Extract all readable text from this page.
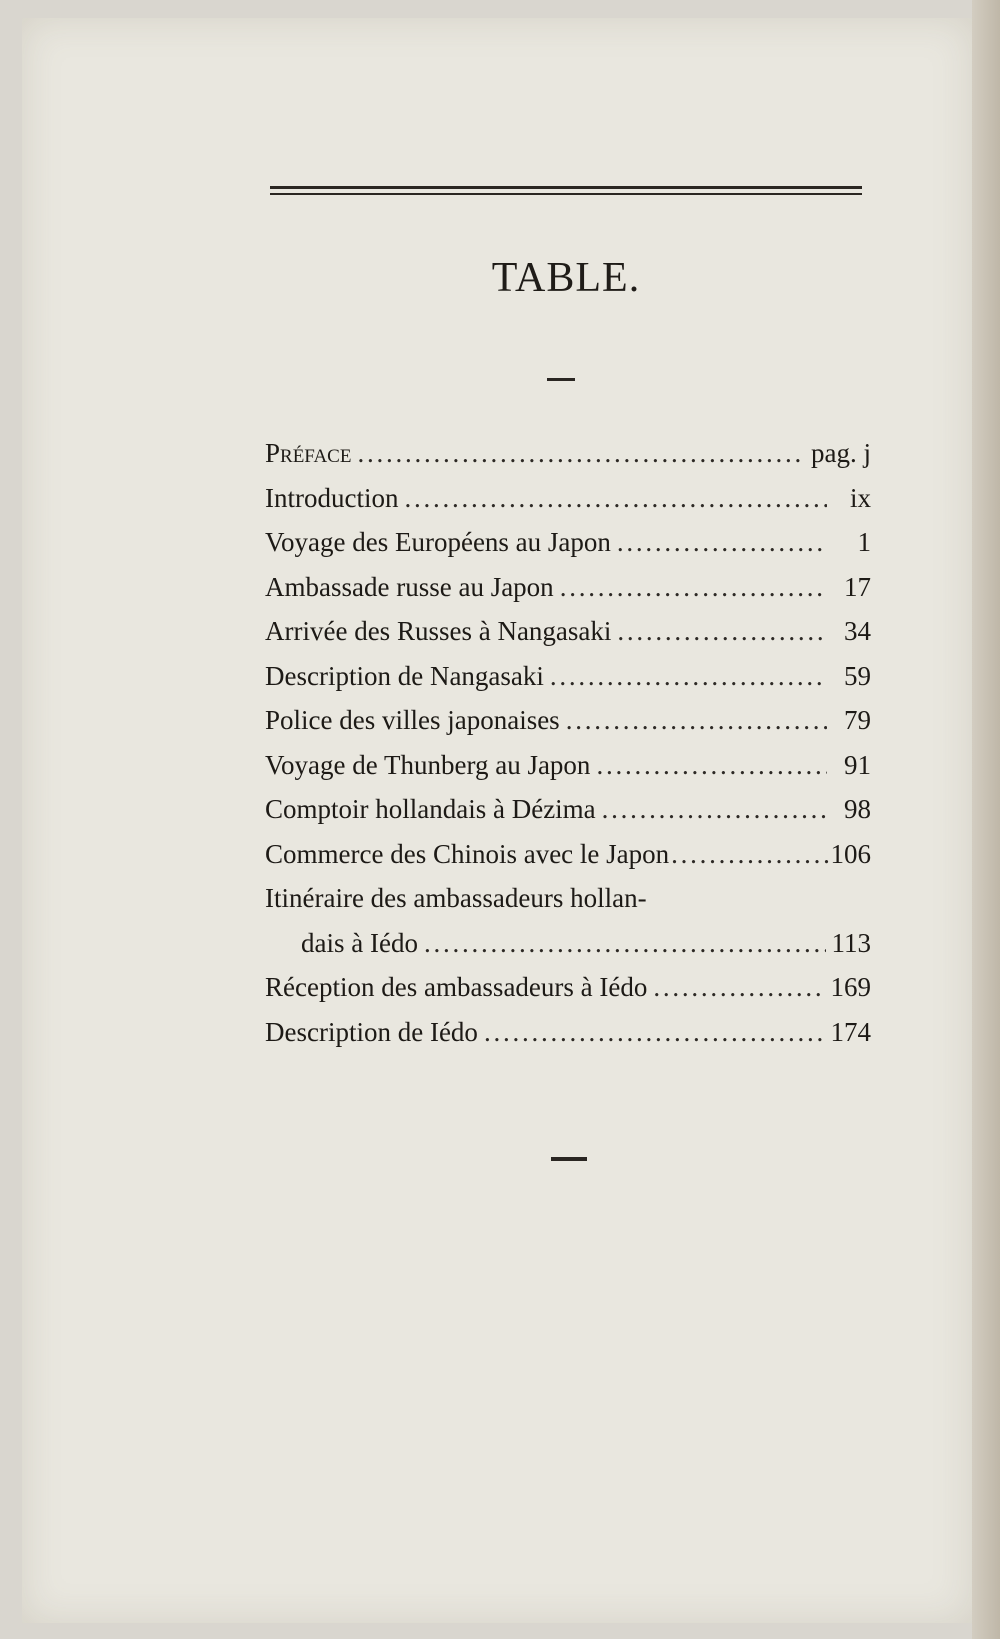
TABLE.
Préface . . .	pag. j
Introduction . . .	ix
Voyage des Européens au Japon . . .	1
Ambassade russe au Japon . . .	17
Arrivée des Russes à Nangasaki . . .	34
Description de Nangasaki . . .	59
Police des villes japonaises . . .	79
Voyage de Thunberg au Japon . . .	91
Comptoir hollandais à Dézima . . .	98
Commerce des Chinois avec le Japon . . .	106
Itinéraire des ambassadeurs hollan-
dais à Iédo . . .	113
Réception des ambassadeurs à Iédo . . .	169
Description de Iédo . . .	174
